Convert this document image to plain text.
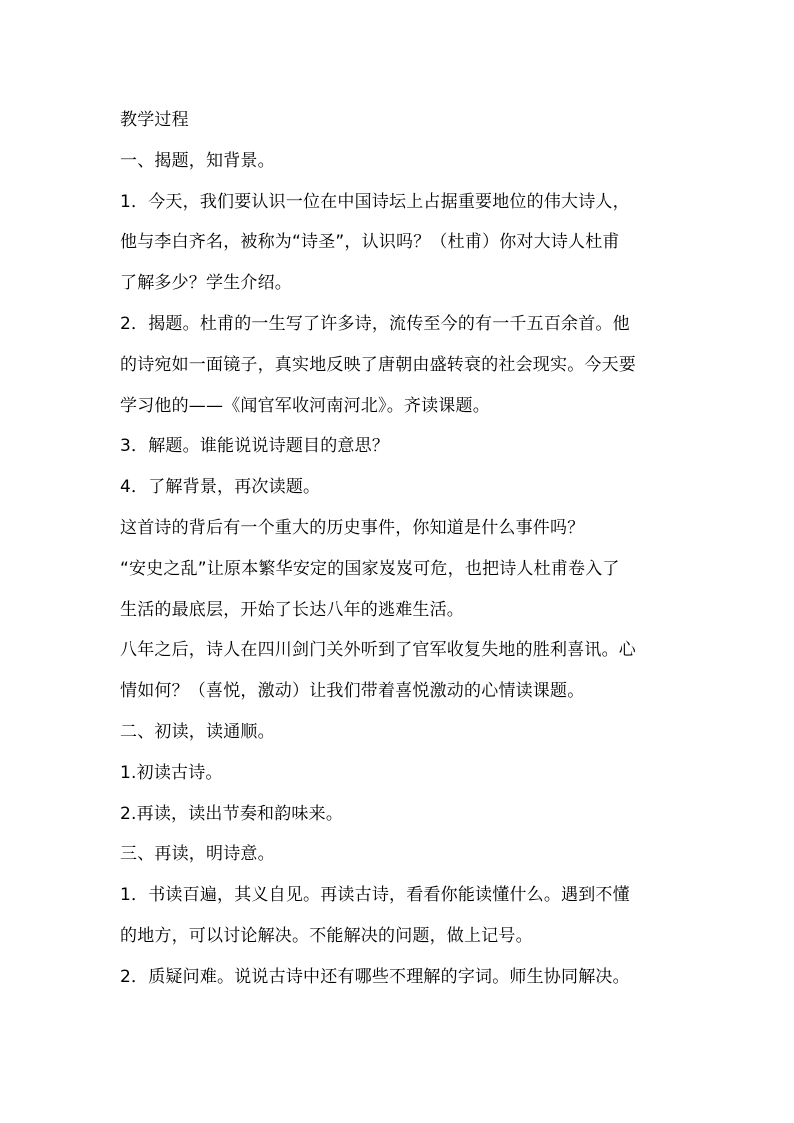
教学过程
一、揭题，知背景。
1．今天，我们要认识一位在中国诗坛上占据重要地位的伟大诗人，
他与李白齐名，被称为“诗圣”，认识吗？（杜甫）你对大诗人杜甫
了解多少？学生介绍。
2．揭题。杜甫的一生写了许多诗，流传至今的有一千五百余首。他
的诗宛如一面镜子，真实地反映了唐朝由盛转衰的社会现实。今天要
学习他的——《闻官军收河南河北》。齐读课题。
3．解题。谁能说说诗题目的意思？
4．了解背景，再次读题。
这首诗的背后有一个重大的历史事件，你知道是什么事件吗？
“安史之乱”让原本繁华安定的国家岌岌可危，也把诗人杜甫卷入了
生活的最底层，开始了长达八年的逃难生活。
八年之后，诗人在四川剑门关外听到了官军收复失地的胜利喜讯。心
情如何？（喜悦，激动）让我们带着喜悦激动的心情读课题。
二、初读，读通顺。
1.初读古诗。
2.再读，读出节奏和韵味来。
三、再读，明诗意。
1．书读百遍，其义自见。再读古诗，看看你能读懂什么。遇到不懂
的地方，可以讨论解决。不能解决的问题，做上记号。
2．质疑问难。说说古诗中还有哪些不理解的字词。师生协同解决。
